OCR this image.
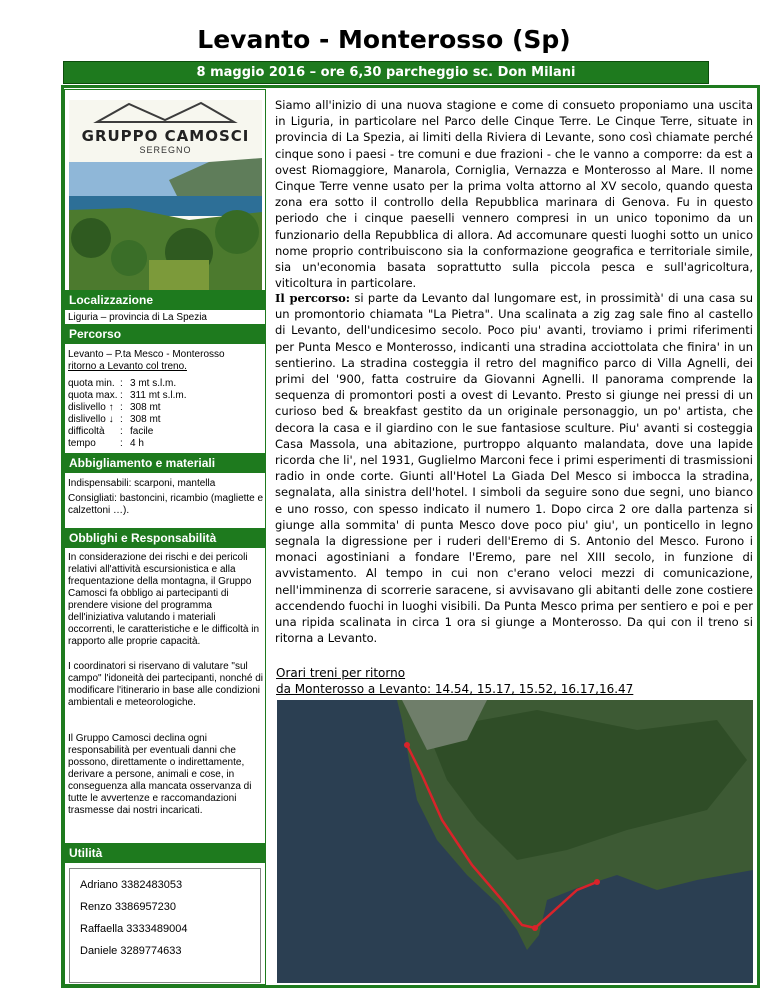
Levanto - Monterosso (Sp)
8 maggio 2016 – ore 6,30 parcheggio sc. Don Milani
GRUPPO CAMOSCI
SEREGNO
Localizzazione
Liguria – provincia di La Spezia
Percorso
Levanto – P.ta Mesco - Monterosso
ritorno a Levanto col treno.
quota min.	:	3 mt s.l.m.
quota max.	:	311 mt s.l.m.
dislivello ↑	:	308 mt
dislivello ↓	:	308 mt
difficoltà	:	facile
tempo	:	4 h
Abbigliamento e materiali
Indispensabili: scarponi, mantella
Consigliati: bastoncini, ricambio (magliette e calzettoni …).
Obblighi e Responsabilità
In considerazione dei rischi e dei pericoli relativi all'attività escursionistica e alla frequentazione della montagna, il Gruppo Camosci fa obbligo ai partecipanti di prendere visione del programma dell'iniziativa valutando i materiali occorrenti, le caratteristiche e le difficoltà in rapporto alle proprie capacità.
I coordinatori si riservano di valutare "sul campo" l'idoneità dei partecipanti, nonché di modificare l'itinerario in base alle condizioni ambientali e meteorologiche.
Il Gruppo Camosci declina ogni responsabilità per eventuali danni che possono, direttamente o indirettamente, derivare a persone, animali e cose, in conseguenza alla mancata osservanza di tutte le avvertenze e raccomandazioni trasmesse dai nostri incaricati.
Utilità
Adriano 3382483053
Renzo 3386957230
Raffaella 3333489004
Daniele 3289774633
Siamo all'inizio di una nuova stagione e come di consueto proponiamo una uscita in Liguria, in particolare nel Parco delle Cinque Terre. Le Cinque Terre, situate in provincia di La Spezia, ai limiti della Riviera di Levante, sono così chiamate perché cinque sono i paesi - tre comuni e due frazioni - che le vanno a comporre: da est a ovest Riomaggiore, Manarola, Corniglia, Vernazza e Monterosso al Mare. Il nome Cinque Terre venne usato per la prima volta attorno al XV secolo, quando questa zona era sotto il controllo della Repubblica marinara di Genova. Fu in questo periodo che i cinque paeselli vennero compresi in un unico toponimo da un funzionario della Repubblica di allora. Ad accomunare questi luoghi sotto un unico nome proprio contribuiscono sia la conformazione geografica e territoriale simile, sia un'economia basata soprattutto sulla piccola pesca e sull'agricoltura, viticoltura in particolare.
Il percorso: si parte da Levanto dal lungomare est, in prossimità' di una casa su un promontorio chiamata "La Pietra". Una scalinata a zig zag sale fino al castello di Levanto, dell'undicesimo secolo. Poco piu' avanti, troviamo i primi riferimenti per Punta Mesco e Monterosso, indicanti una stradina acciottolata che finira' in un sentierino. La stradina costeggia il retro del magnifico parco di Villa Agnelli, dei primi del '900, fatta costruire da Giovanni Agnelli. Il panorama comprende la sequenza di promontori posti a ovest di Levanto. Presto si giunge nei pressi di un curioso bed & breakfast gestito da un originale personaggio, un po' artista, che decora la casa e il giardino con le sue fantasiose sculture. Piu' avanti si costeggia Casa Massola, una abitazione, purtroppo alquanto malandata, dove una lapide ricorda che li', nel 1931, Guglielmo Marconi fece i primi esperimenti di trasmissioni radio in onde corte. Giunti all'Hotel La Giada Del Mesco si imbocca la stradina, segnalata, alla sinistra dell'hotel. I simboli da seguire sono due segni, uno bianco e uno rosso, con spesso indicato il numero 1. Dopo circa 2 ore dalla partenza si giunge alla sommita' di punta Mesco dove poco piu' giu', un ponticello in legno segnala la digressione per i ruderi dell'Eremo di S. Antonio del Mesco. Furono i monaci agostiniani a fondare l'Eremo, pare nel XIII secolo, in funzione di avvistamento. Al tempo in cui non c'erano veloci mezzi di comunicazione, nell'imminenza di scorrerie saracene, si avvisavano gli abitanti delle zone costiere accendendo fuochi in luoghi visibili. Da Punta Mesco prima per sentiero e poi e per una ripida scalinata in circa 1 ora si giunge a Monterosso. Da qui con il treno si ritorna a Levanto.
Orari treni per ritorno
da Monterosso a Levanto: 14.54, 15.17, 15.52, 16.17,16.47
